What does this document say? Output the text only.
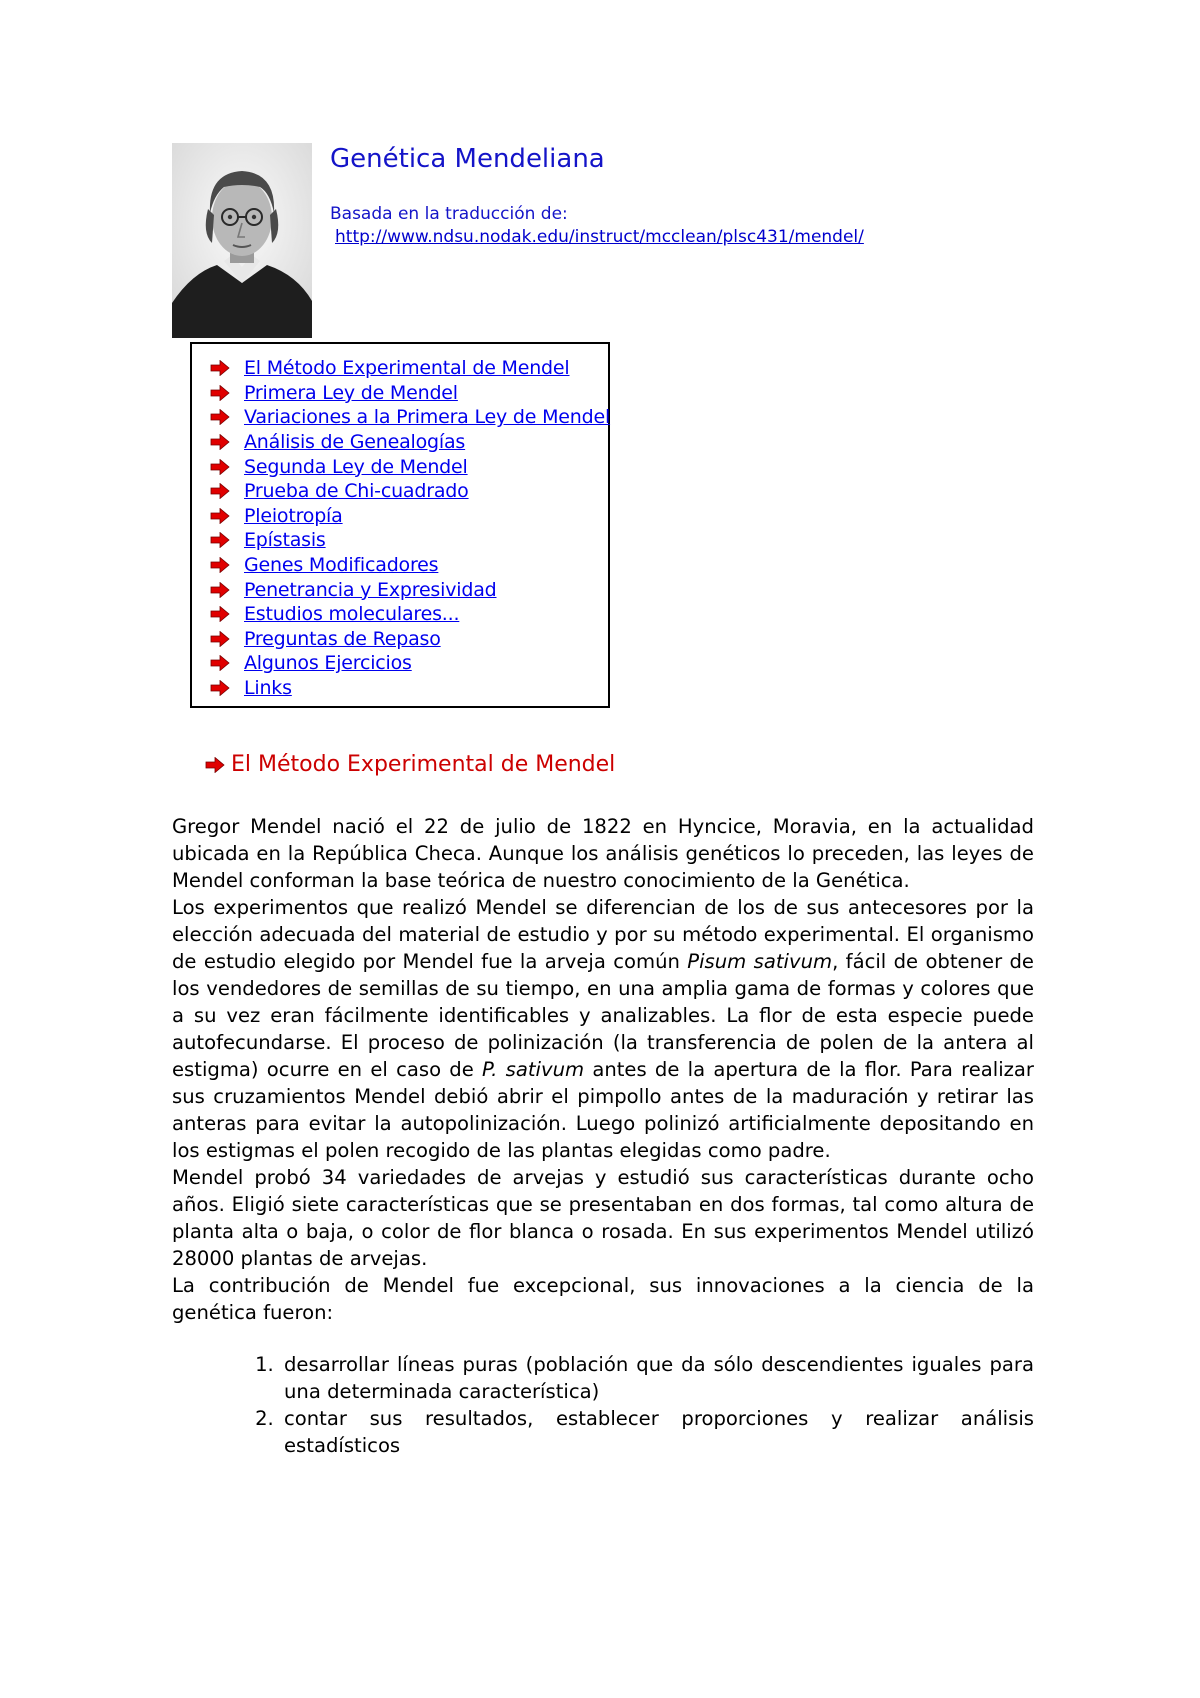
Genética Mendeliana
Basada en la traducción de:
http://www.ndsu.nodak.edu/instruct/mcclean/plsc431/mendel/
El Método Experimental de Mendel
Primera Ley de Mendel
Variaciones a la Primera Ley de Mendel
Análisis de Genealogías
Segunda Ley de Mendel
Prueba de Chi-cuadrado
Pleiotropía
Epístasis
Genes Modificadores
Penetrancia y Expresividad
Estudios moleculares...
Preguntas de Repaso
Algunos Ejercicios
Links
El Método Experimental de Mendel

Gregor Mendel nació el 22 de julio de 1822 en Hyncice, Moravia, en la actualidad ubicada en la República Checa. Aunque los análisis genéticos lo preceden, las leyes de Mendel conforman la base teórica de nuestro conocimiento de la Genética.

Los experimentos que realizó Mendel se diferencian de los de sus antecesores por la elección adecuada del material de estudio y por su método experimental. El organismo de estudio elegido por Mendel fue la arveja común Pisum sativum, fácil de obtener de los vendedores de semillas de su tiempo, en una amplia gama de formas y colores que a su vez eran fácilmente identificables y analizables. La flor de esta especie puede autofecundarse. El proceso de polinización (la transferencia de polen de la antera al estigma) ocurre en el caso de P. sativum antes de la apertura de la flor. Para realizar sus cruzamientos Mendel debió abrir el pimpollo antes de la maduración y retirar las anteras para evitar la autopolinización. Luego polinizó artificialmente depositando en los estigmas el polen recogido de las plantas elegidas como padre.

Mendel probó 34 variedades de arvejas y estudió sus características durante ocho años. Eligió siete características que se presentaban en dos formas, tal como altura de planta alta o baja, o color de flor blanca o rosada. En sus experimentos Mendel utilizó 28000 plantas de arvejas.

La contribución de Mendel fue excepcional, sus innovaciones a la ciencia de la genética fueron:

1. desarrollar líneas puras (población que da sólo descendientes iguales para una determinada característica)
2. contar sus resultados, establecer proporciones y realizar análisis estadísticos
